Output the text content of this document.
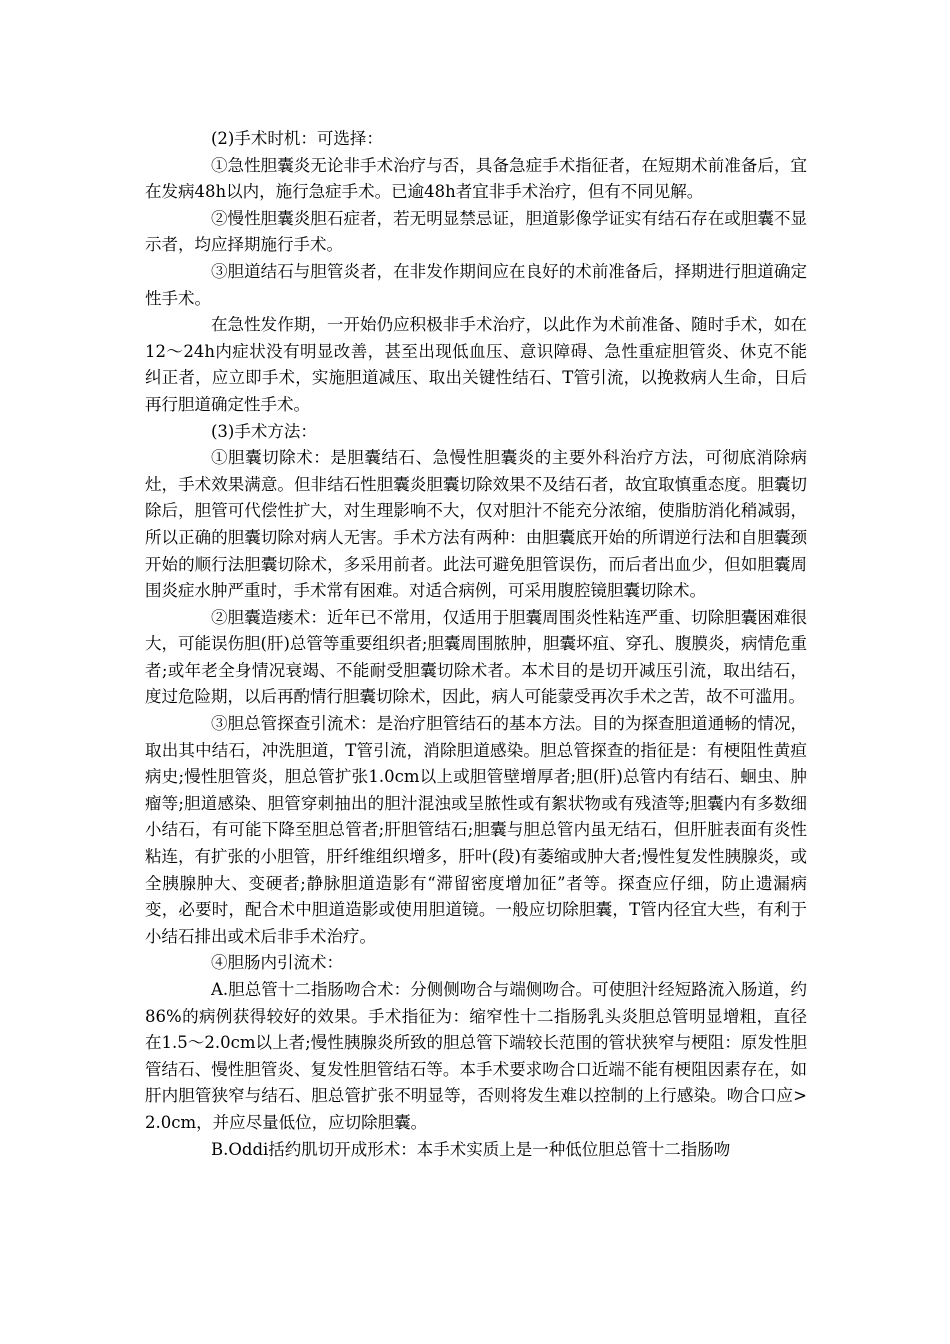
(2)手术时机：可选择：

①急性胆囊炎无论非手术治疗与否，具备急症手术指征者，在短期术前准备后，宜在发病48h以内，施行急症手术。已逾48h者宜非手术治疗，但有不同见解。

②慢性胆囊炎胆石症者，若无明显禁忌证，胆道影像学证实有结石存在或胆囊不显示者，均应择期施行手术。

③胆道结石与胆管炎者，在非发作期间应在良好的术前准备后，择期进行胆道确定性手术。

在急性发作期，一开始仍应积极非手术治疗，以此作为术前准备、随时手术，如在12～24h内症状没有明显改善，甚至出现低血压、意识障碍、急性重症胆管炎、休克不能纠正者，应立即手术，实施胆道减压、取出关键性结石、T管引流，以挽救病人生命，日后再行胆道确定性手术。

(3)手术方法：

①胆囊切除术：是胆囊结石、急慢性胆囊炎的主要外科治疗方法，可彻底消除病灶，手术效果满意。但非结石性胆囊炎胆囊切除效果不及结石者，故宜取慎重态度。胆囊切除后，胆管可代偿性扩大，对生理影响不大，仅对胆汁不能充分浓缩，使脂肪消化稍减弱，所以正确的胆囊切除对病人无害。手术方法有两种：由胆囊底开始的所谓逆行法和自胆囊颈开始的顺行法胆囊切除术，多采用前者。此法可避免胆管误伤，而后者出血少，但如胆囊周围炎症水肿严重时，手术常有困难。对适合病例，可采用腹腔镜胆囊切除术。

②胆囊造瘘术：近年已不常用，仅适用于胆囊周围炎性粘连严重、切除胆囊困难很大，可能误伤胆(肝)总管等重要组织者;胆囊周围脓肿，胆囊坏疽、穿孔、腹膜炎，病情危重者;或年老全身情况衰竭、不能耐受胆囊切除术者。本术目的是切开减压引流，取出结石，度过危险期，以后再酌情行胆囊切除术，因此，病人可能蒙受再次手术之苦，故不可滥用。

③胆总管探查引流术：是治疗胆管结石的基本方法。目的为探查胆道通畅的情况，取出其中结石，冲洗胆道，T管引流，消除胆道感染。胆总管探查的指征是：有梗阻性黄疸病史;慢性胆管炎，胆总管扩张1.0cm以上或胆管壁增厚者;胆(肝)总管内有结石、蛔虫、肿瘤等;胆道感染、胆管穿刺抽出的胆汁混浊或呈脓性或有絮状物或有残渣等;胆囊内有多数细小结石，有可能下降至胆总管者;肝胆管结石;胆囊与胆总管内虽无结石，但肝脏表面有炎性粘连，有扩张的小胆管，肝纤维组织增多，肝叶(段)有萎缩或肿大者;慢性复发性胰腺炎，或全胰腺肿大、变硬者;静脉胆道造影有“滞留密度增加征”者等。探查应仔细，防止遗漏病变，必要时，配合术中胆道造影或使用胆道镜。一般应切除胆囊，T管内径宜大些，有利于小结石排出或术后非手术治疗。

④胆肠内引流术：

A.胆总管十二指肠吻合术：分侧侧吻合与端侧吻合。可使胆汁经短路流入肠道，约86%的病例获得较好的效果。手术指征为：缩窄性十二指肠乳头炎胆总管明显增粗，直径在1.5～2.0cm以上者;慢性胰腺炎所致的胆总管下端较长范围的管状狭窄与梗阻：原发性胆管结石、慢性胆管炎、复发性胆管结石等。本手术要求吻合口近端不能有梗阻因素存在，如肝内胆管狭窄与结石、胆总管扩张不明显等，否则将发生难以控制的上行感染。吻合口应>2.0cm，并应尽量低位，应切除胆囊。

B.Oddi括约肌切开成形术：本手术实质上是一种低位胆总管十二指肠吻
